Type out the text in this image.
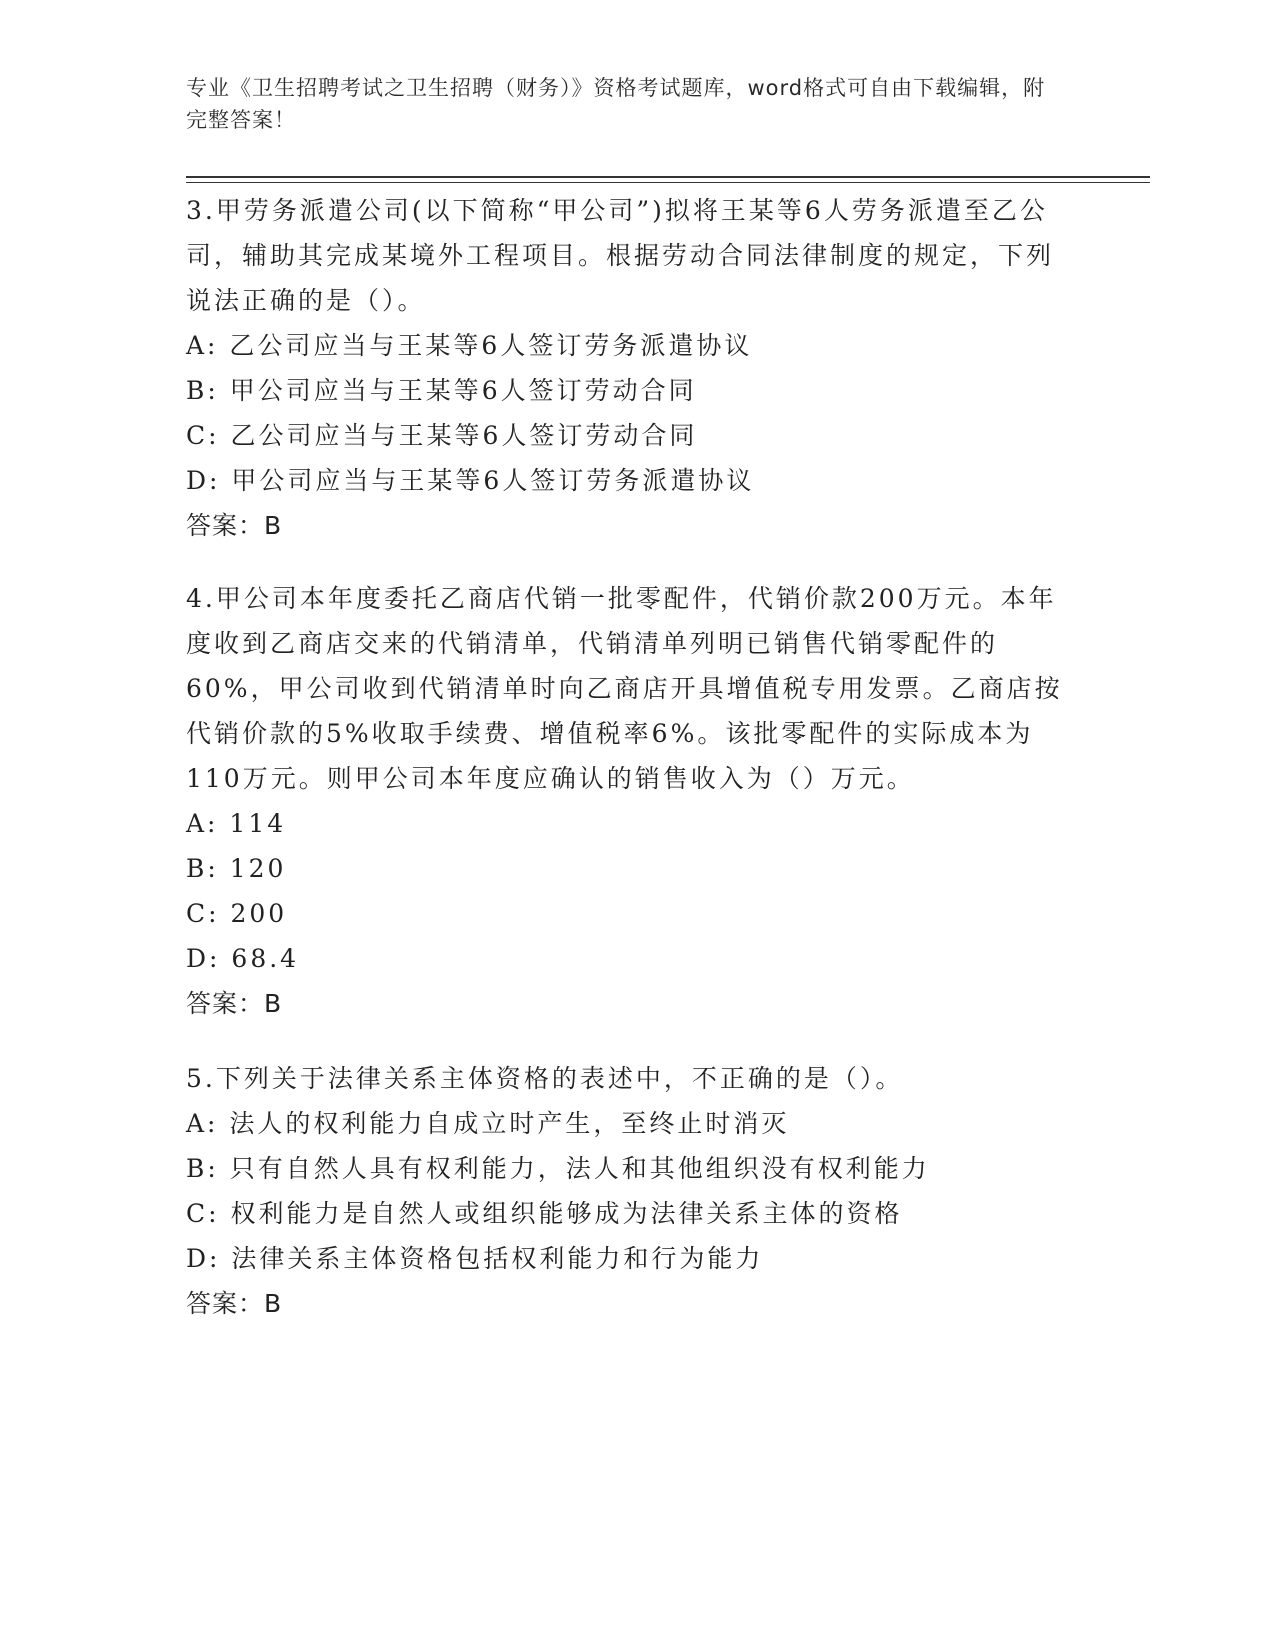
专业《卫生招聘考试之卫生招聘（财务）》资格考试题库，word格式可自由下载编辑，附完整答案！

3.甲劳务派遣公司(以下简称“甲公司”)拟将王某等6人劳务派遣至乙公司，辅助其完成某境外工程项目。根据劳动合同法律制度的规定，下列说法正确的是（）。

A: 乙公司应当与王某等6人签订劳务派遣协议

B: 甲公司应当与王某等6人签订劳动合同

C: 乙公司应当与王某等6人签订劳动合同

D: 甲公司应当与王某等6人签订劳务派遣协议

答案：B

4.甲公司本年度委托乙商店代销一批零配件，代销价款200万元。本年度收到乙商店交来的代销清单，代销清单列明已销售代销零配件的60%，甲公司收到代销清单时向乙商店开具增值税专用发票。乙商店按代销价款的5%收取手续费、增值税率6%。该批零配件的实际成本为110万元。则甲公司本年度应确认的销售收入为（）万元。

A: 114

B: 120

C: 200

D: 68.4

答案：B

5.下列关于法律关系主体资格的表述中，不正确的是（）。

A: 法人的权利能力自成立时产生，至终止时消灭

B: 只有自然人具有权利能力，法人和其他组织没有权利能力

C: 权利能力是自然人或组织能够成为法律关系主体的资格

D: 法律关系主体资格包括权利能力和行为能力

答案：B
